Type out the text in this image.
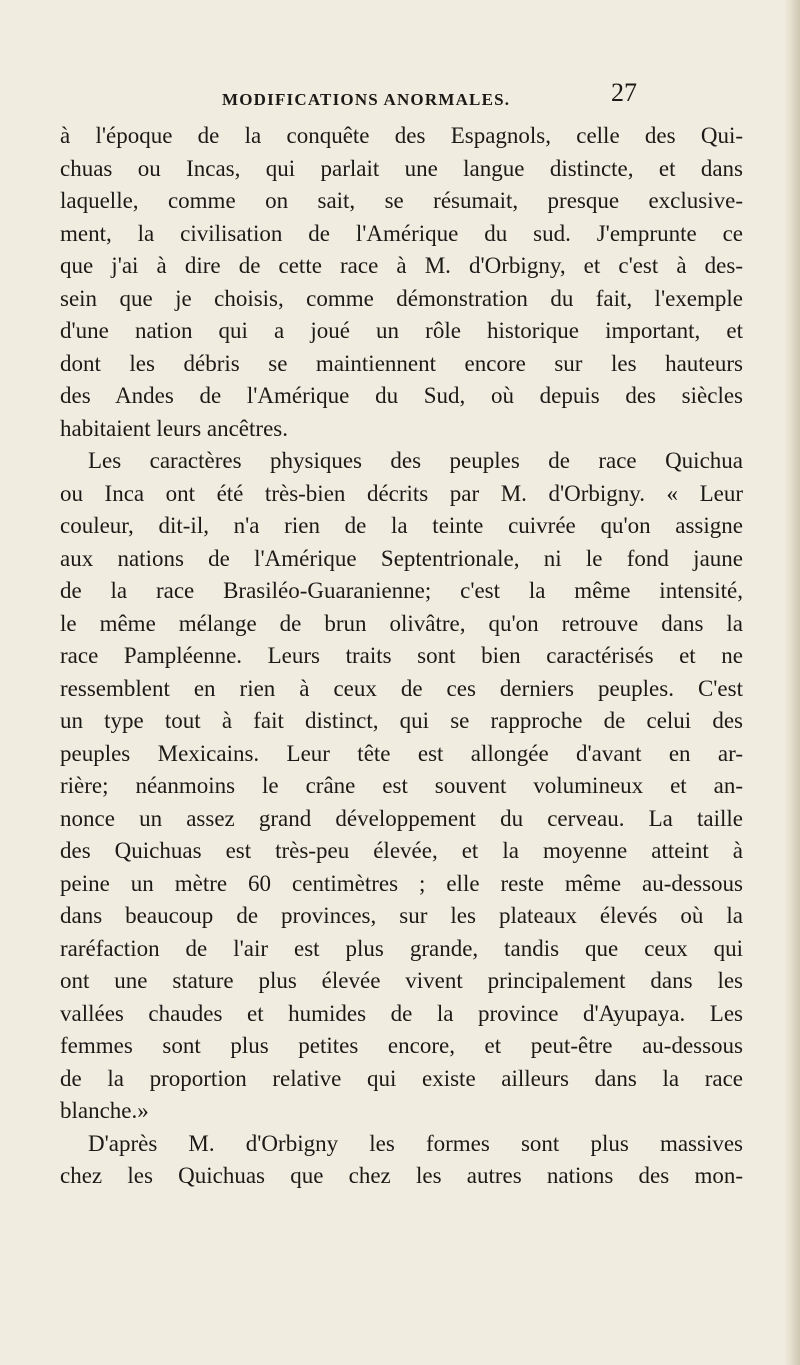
MODIFICATIONS ANORMALES.	27
à l'époque de la conquête des Espagnols, celle des Qui-
chuas ou Incas, qui parlait une langue distincte, et dans
laquelle, comme on sait, se résumait, presque exclusive-
ment, la civilisation de l'Amérique du sud. J'emprunte ce
que j'ai à dire de cette race à M. d'Orbigny, et c'est à des-
sein que je choisis, comme démonstration du fait, l'exemple
d'une nation qui a joué un rôle historique important, et
dont les débris se maintiennent encore sur les hauteurs
des Andes de l'Amérique du Sud, où depuis des siècles
habitaient leurs ancêtres.
Les caractères physiques des peuples de race Quichua
ou Inca ont été très-bien décrits par M. d'Orbigny. « Leur
couleur, dit-il, n'a rien de la teinte cuivrée qu'on assigne
aux nations de l'Amérique Septentrionale, ni le fond jaune
de la race Brasiléo-Guaranienne; c'est la même intensité,
le même mélange de brun olivâtre, qu'on retrouve dans la
race Pampléenne. Leurs traits sont bien caractérisés et ne
ressemblent en rien à ceux de ces derniers peuples. C'est
un type tout à fait distinct, qui se rapproche de celui des
peuples Mexicains. Leur tête est allongée d'avant en ar-
rière; néanmoins le crâne est souvent volumineux et an-
nonce un assez grand développement du cerveau. La taille
des Quichuas est très-peu élevée, et la moyenne atteint à
peine un mètre 60 centimètres ; elle reste même au-dessous
dans beaucoup de provinces, sur les plateaux élevés où la
raréfaction de l'air est plus grande, tandis que ceux qui
ont une stature plus élevée vivent principalement dans les
vallées chaudes et humides de la province d'Ayupaya. Les
femmes sont plus petites encore, et peut-être au-dessous
de la proportion relative qui existe ailleurs dans la race
blanche.»
D'après M. d'Orbigny les formes sont plus massives
chez les Quichuas que chez les autres nations des mon-
